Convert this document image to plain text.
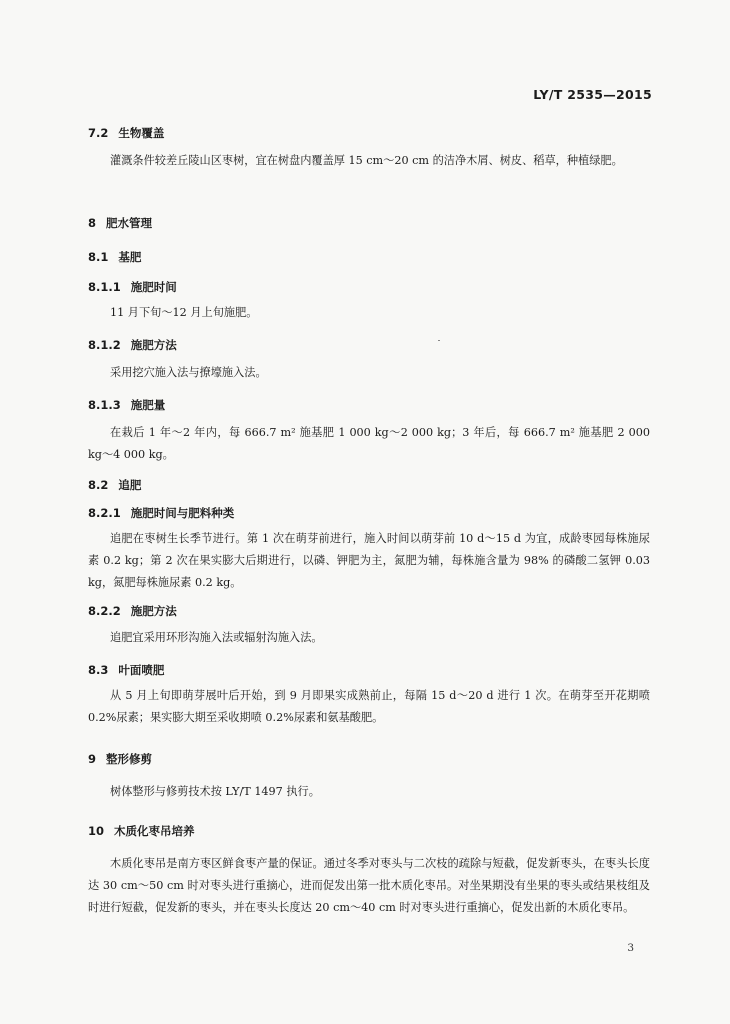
LY/T 2535—2015
7.2 生物覆盖
灌溉条件较差丘陵山区枣树，宜在树盘内覆盖厚 15 cm～20 cm 的洁净木屑、树皮、稻草，种植绿肥。
8 肥水管理
8.1 基肥
8.1.1 施肥时间
11 月下旬～12 月上旬施肥。
8.1.2 施肥方法
采用挖穴施入法与撩壕施入法。
8.1.3 施肥量
在栽后 1 年～2 年内，每 666.7 m² 施基肥 1 000 kg～2 000 kg；3 年后，每 666.7 m² 施基肥 2 000 kg～4 000 kg。
8.2 追肥
8.2.1 施肥时间与肥料种类
追肥在枣树生长季节进行。第 1 次在萌芽前进行，施入时间以萌芽前 10 d～15 d 为宜，成龄枣园每株施尿素 0.2 kg；第 2 次在果实膨大后期进行，以磷、钾肥为主，氮肥为辅，每株施含量为 98% 的磷酸二氢钾 0.03 kg，氮肥每株施尿素 0.2 kg。
8.2.2 施肥方法
追肥宜采用环形沟施入法或辐射沟施入法。
8.3 叶面喷肥
从 5 月上旬即萌芽展叶后开始，到 9 月即果实成熟前止，每隔 15 d～20 d 进行 1 次。在萌芽至开花期喷 0.2%尿素；果实膨大期至采收期喷 0.2%尿素和氨基酸肥。
9 整形修剪
树体整形与修剪技术按 LY/T 1497 执行。
10 木质化枣吊培养
木质化枣吊是南方枣区鲜食枣产量的保证。通过冬季对枣头与二次枝的疏除与短截，促发新枣头，在枣头长度达 30 cm～50 cm 时对枣头进行重摘心，进而促发出第一批木质化枣吊。对坐果期没有坐果的枣头或结果枝组及时进行短截，促发新的枣头，并在枣头长度达 20 cm～40 cm 时对枣头进行重摘心，促发出新的木质化枣吊。
3
